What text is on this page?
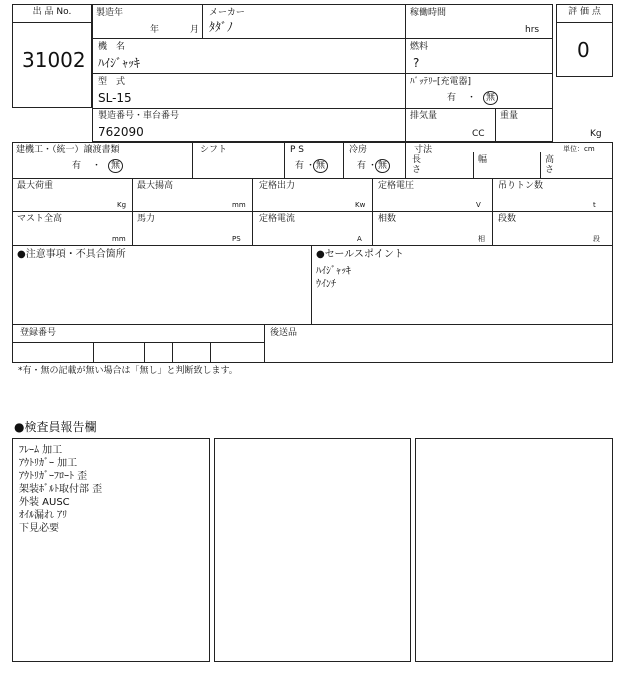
出 品 No.
31002
評 価 点
0
製造年
年	月
メーカー
ﾀﾀﾞﾉ
稼働時間
hrs
機　名
ﾊｲｼﾞｬｯｷ
燃料
?
型　式
SL-15
ﾊﾞｯﾃﾘｰ[充電器]
有 ・	無
製造番号・車台番号
762090
排気量
CC
重量
Kg
建機工・（統一）譲渡書類
有 ・	無
シフト	P S
有 ・ 無
冷房
有 ・ 無
寸法	単位：cm
長
さ
幅	高
さ
最大荷重
Kg
最大揚高
mm
定格出力
Kw
定格電圧
V
吊りトン数
t
マスト全高
mm
馬力
PS
定格電流
A
相数
相
段数
段
●注意事項・不具合箇所	●セールスポイント
ﾊｲｼﾞｬｯｷ
ｳｲﾝﾁ
登録番号	後送品
*有・無の記載が無い場合は「無し」と判断致します。
●検査員報告欄
ﾌﾚｰﾑ 加工
ｱｳﾄﾘｶﾞｰ 加工
ｱｳﾄﾘｶﾞｰﾌﾛｰﾄ 歪
架装ﾎﾞﾙﾄ取付部 歪
外装 AUSC
ｵｲﾙ漏れ ｱﾘ
下見必要
